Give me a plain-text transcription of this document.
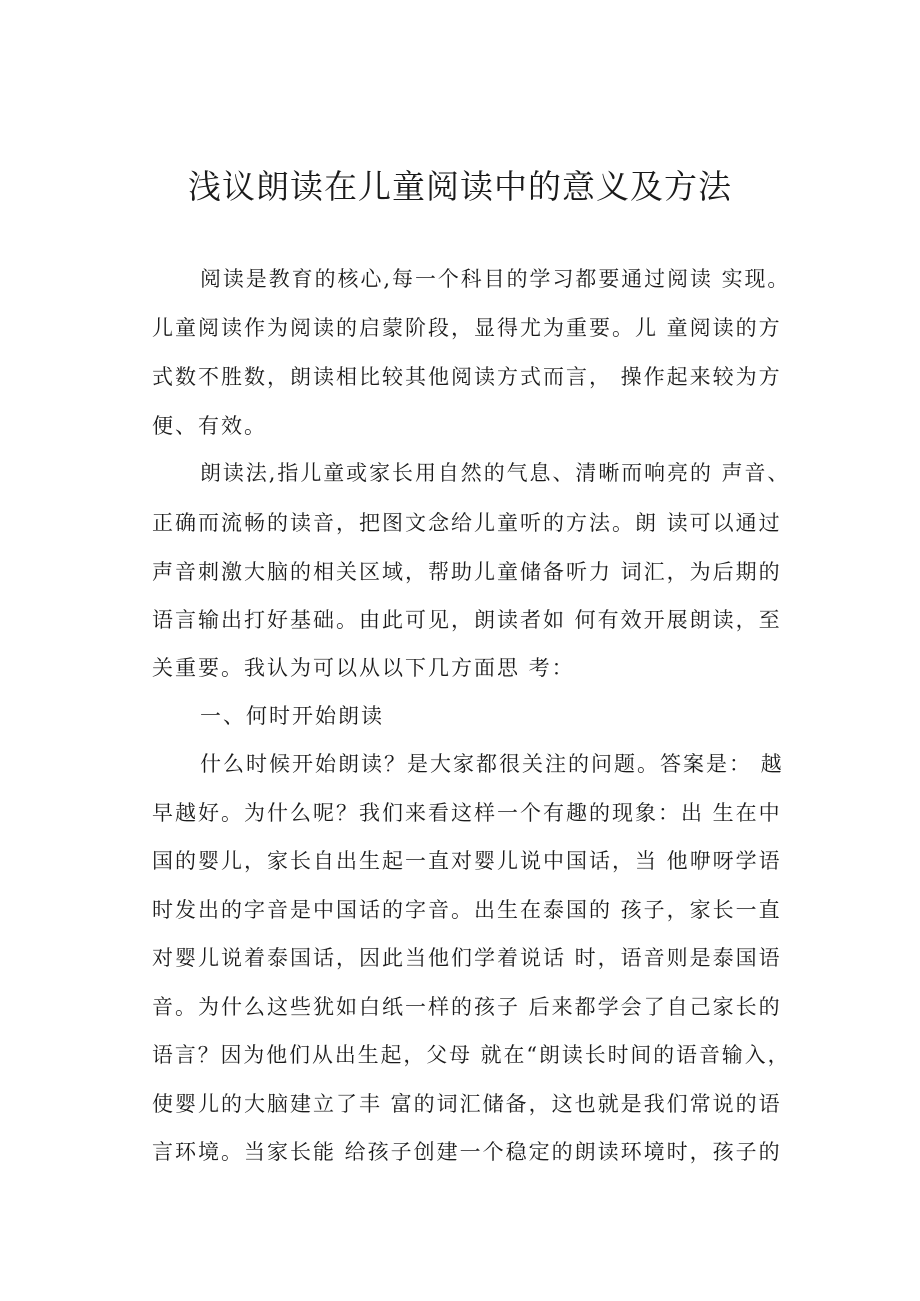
浅议朗读在儿童阅读中的意义及方法

阅读是教育的核心,每一个科目的学习都要通过阅读 实现。

儿童阅读作为阅读的启蒙阶段，显得尤为重要。儿 童阅读的方

式数不胜数，朗读相比较其他阅读方式而言， 操作起来较为方

便、有效。

朗读法,指儿童或家长用自然的气息、清晰而响亮的 声音、

正确而流畅的读音，把图文念给儿童听的方法。朗 读可以通过

声音刺激大脑的相关区域，帮助儿童储备听力 词汇，为后期的

语言输出打好基础。由此可见，朗读者如 何有效开展朗读，至

关重要。我认为可以从以下几方面思 考：

一、何时开始朗读

什么时候开始朗读？是大家都很关注的问题。答案是： 越

早越好。为什么呢？我们来看这样一个有趣的现象：出 生在中

国的婴儿，家长自出生起一直对婴儿说中国话，当 他咿呀学语

时发出的字音是中国话的字音。出生在泰国的 孩子，家长一直

对婴儿说着泰国话，因此当他们学着说话 时，语音则是泰国语

音。为什么这些犹如白纸一样的孩子 后来都学会了自己家长的

语言？因为他们从出生起，父母 就在“朗读长时间的语音输入，

使婴儿的大脑建立了丰 富的词汇储备，这也就是我们常说的语

言环境。当家长能 给孩子创建一个稳定的朗读环境时，孩子的
